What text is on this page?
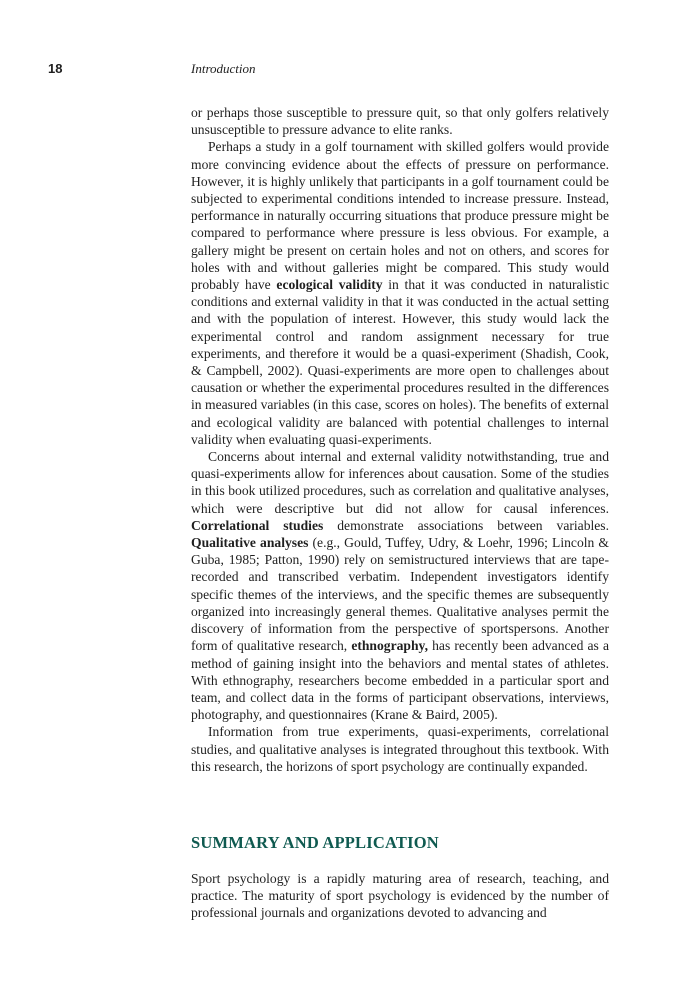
18	Introduction

or perhaps those susceptible to pressure quit, so that only golfers relatively unsusceptible to pressure advance to elite ranks.

Perhaps a study in a golf tournament with skilled golfers would provide more convincing evidence about the effects of pressure on performance. However, it is highly unlikely that participants in a golf tournament could be subjected to experimental conditions intended to increase pressure. Instead, performance in naturally occurring situations that produce pressure might be compared to performance where pressure is less obvious. For example, a gallery might be present on certain holes and not on others, and scores for holes with and without galleries might be compared. This study would probably have ecological validity in that it was conducted in naturalistic conditions and external validity in that it was conducted in the actual setting and with the population of interest. However, this study would lack the experimental control and random assignment necessary for true experiments, and therefore it would be a quasi-experiment (Shadish, Cook, & Campbell, 2002). Quasi-experiments are more open to challenges about causation or whether the experimental procedures resulted in the differences in measured variables (in this case, scores on holes). The benefits of external and ecological validity are balanced with potential challenges to internal validity when evaluating quasi-experiments.

Concerns about internal and external validity notwithstanding, true and quasi-experiments allow for inferences about causation. Some of the studies in this book utilized procedures, such as correlation and qualitative analyses, which were descriptive but did not allow for causal inferences. Correlational studies demonstrate associations between variables. Qualitative analyses (e.g., Gould, Tuffey, Udry, & Loehr, 1996; Lincoln & Guba, 1985; Patton, 1990) rely on semistructured interviews that are tape-recorded and transcribed verbatim. Independent investigators identify specific themes of the interviews, and the specific themes are subsequently organized into increasingly general themes. Qualitative analyses permit the discovery of information from the perspective of sportspersons. Another form of qualitative research, ethnography, has recently been advanced as a method of gaining insight into the behaviors and mental states of athletes. With ethnography, researchers become embedded in a particular sport and team, and collect data in the forms of participant observations, interviews, photography, and questionnaires (Krane & Baird, 2005).

Information from true experiments, quasi-experiments, correlational studies, and qualitative analyses is integrated throughout this textbook. With this research, the horizons of sport psychology are continually expanded.

SUMMARY AND APPLICATION

Sport psychology is a rapidly maturing area of research, teaching, and practice. The maturity of sport psychology is evidenced by the number of professional journals and organizations devoted to advancing and
